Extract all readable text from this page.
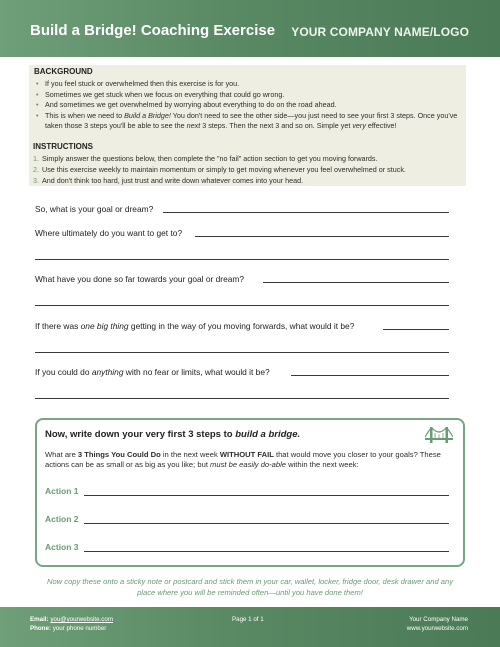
Build a Bridge! Coaching Exercise YOUR COMPANY NAME/LOGO
BACKGROUND
• If you feel stuck or overwhelmed then this exercise is for you.
• Sometimes we get stuck when we focus on everything that could go wrong.
• And sometimes we get overwhelmed by worrying about everything to do on the road ahead.
• This is when we need to Build a Bridge! You don't need to see the other side—you just need to see your first 3 steps. Once you've taken those 3 steps you'll be able to see the next 3 steps. Then the next 3 and so on. Simple yet very effective!
INSTRUCTIONS
1. Simply answer the questions below, then complete the "no fail" action section to get you moving forwards.
2. Use this exercise weekly to maintain momentum or simply to get moving whenever you feel overwhelmed or stuck.
3. And don't think too hard, just trust and write down whatever comes into your head.
So, what is your goal or dream?
Where ultimately do you want to get to?
What have you done so far towards your goal or dream?
If there was one big thing getting in the way of you moving forwards, what would it be?
If you could do anything with no fear or limits, what would it be?
Now, write down your very first 3 steps to build a bridge.
What are 3 Things You Could Do in the next week WITHOUT FAIL that would move you closer to your goals? These actions can be as small or as big as you like; but must be easily do-able within the next week:
Action 1
Action 2
Action 3
Now copy these onto a sticky note or postcard and stick them in your car, wallet, locker, fridge door, desk drawer and any place where you will be reminded often—until you have done them!
Email: you@yourwebsite.com
Phone: your phone number
Page 1 of 1	Your Company Name
www.yourwebsite.com
